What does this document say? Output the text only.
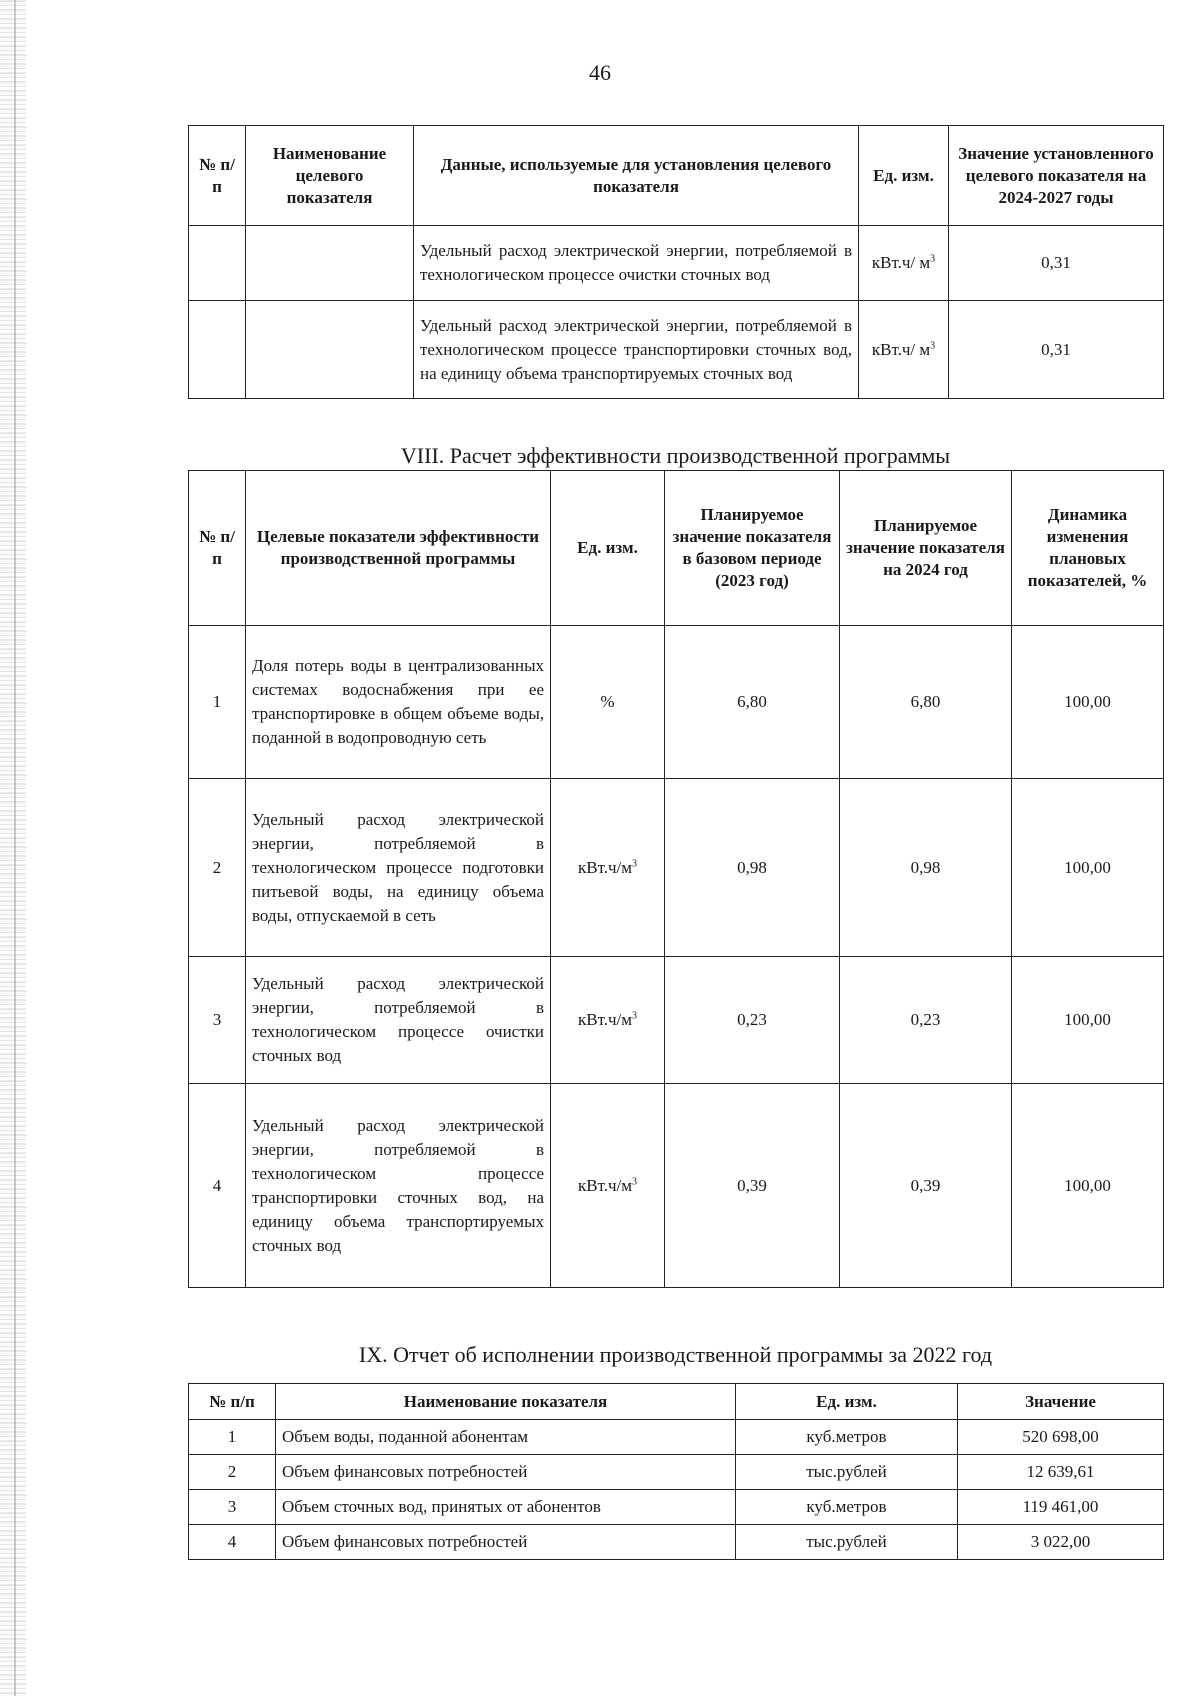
46
№ п/п	Наименование целевого показателя	Данные, используемые для установления целевого показателя	Ед. изм.	Значение установленного целевого показателя на 2024-2027 годы
		Удельный расход электрической энергии, потребляемой в технологическом процессе очистки сточных вод	кВт.ч/ $м^3$	0,31
		Удельный расход электрической энергии, потребляемой в технологическом процессе транспортировки сточных вод, на единицу объема транспортируемых сточных вод	кВт.ч/ $м^3$	0,31
VIII. Расчет эффективности производственной программы
№ п/п	Целевые показатели эффективности производственной программы	Ед. изм.	Планируемое значение показателя в базовом периоде (2023 год)	Планируемое значение показателя на 2024 год	Динамика изменения плановых показателей, %
1	Доля потерь воды в централизованных системах водоснабжения при ее транспортировке в общем объеме воды, поданной в водопроводную сеть	%	6,80	6,80	100,00
2	Удельный расход электрической энергии, потребляемой в технологическом процессе подготовки питьевой воды, на единицу объема воды, отпускаемой в сеть	$кВт.ч/м^3$	0,98	0,98	100,00
3	Удельный расход электрической энергии, потребляемой в технологическом процессе очистки сточных вод	$кВт.ч/м^3$	0,23	0,23	100,00
4	Удельный расход электрической энергии, потребляемой в технологическом процессе транспортировки сточных вод, на единицу объема транспортируемых сточных вод	$кВт.ч/м^3$	0,39	0,39	100,00
IX. Отчет об исполнении производственной программы за 2022 год
№ п/п	Наименование показателя	Ед. изм.	Значение
1	Объем воды, поданной абонентам	куб.метров	520 698,00
2	Объем финансовых потребностей	тыс.рублей	12 639,61
3	Объем сточных вод, принятых от абонентов	куб.метров	119 461,00
4	Объем финансовых потребностей	тыс.рублей	3 022,00
